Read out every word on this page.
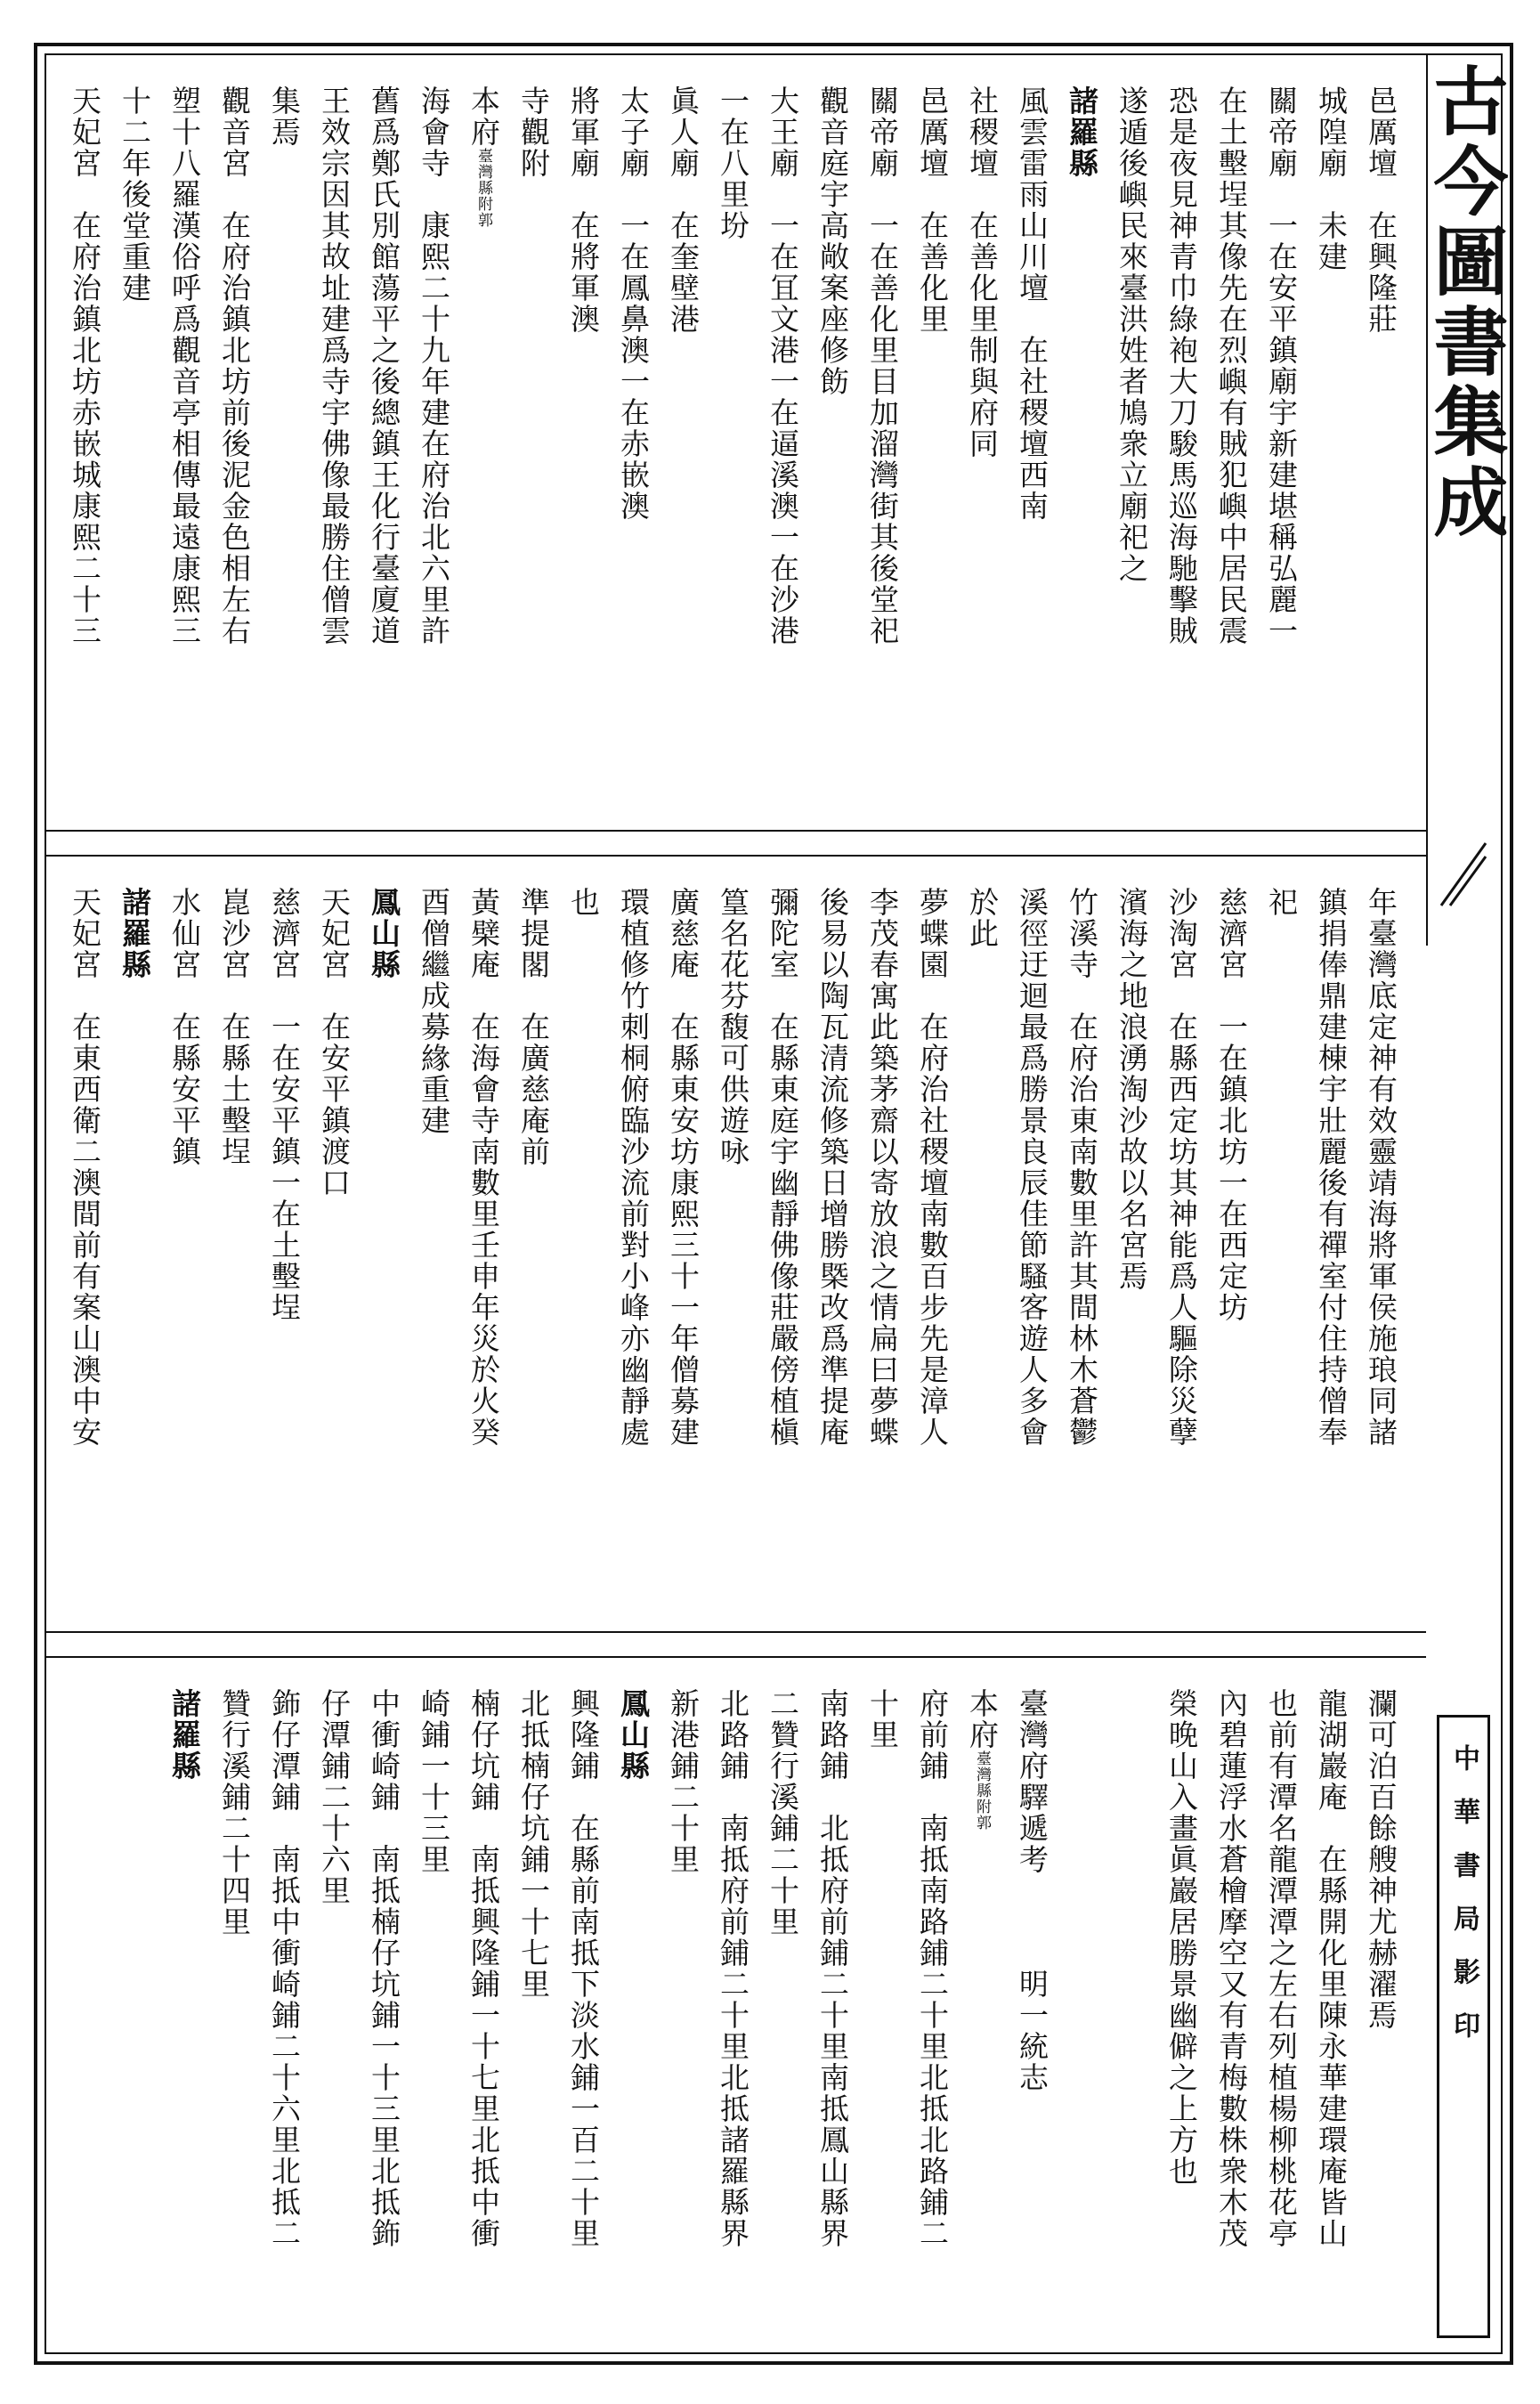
邑厲壇　在興隆莊
城隍廟　未建
關帝廟　一在安平鎮廟宇新建堪稱弘麗一
在土墼埕其像先在烈嶼有賊犯嶼中居民震
恐是夜見神青巾綠袍大刀駿馬巡海馳擊賊
遂遁後嶼民來臺洪姓者鳩衆立廟祀之
諸羅縣
風雲雷雨山川壇　在社稷壇西南
社稷壇　在善化里制與府同
邑厲壇　在善化里
關帝廟　一在善化里目加溜灣街其後堂祀
觀音庭宇高敞案座修飭
大王廟　一在冝文港一在逼溪澳一在沙港
一在八里坋
眞人廟　在奎壁港
太子廟　一在鳳鼻澳一在赤嵌澳
將軍廟　在將軍澳
寺觀附
本府臺灣縣附郭
海會寺　康熙二十九年建在府治北六里許
舊爲鄭氏別館蕩平之後總鎮王化行臺廈道
王效宗因其故址建爲寺宇佛像最勝住僧雲
集焉
觀音宮　在府治鎮北坊前後泥金色相左右
塑十八羅漢俗呼爲觀音亭相傳最遠康熙三
十二年後堂重建
天妃宮　在府治鎮北坊赤嵌城康熙二十三
年臺灣底定神有效靈靖海將軍侯施琅同諸
鎮捐俸鼎建棟宇壯麗後有禪室付住持僧奉
祀
慈濟宮　一在鎮北坊一在西定坊
沙淘宮　在縣西定坊其神能爲人驅除災孽
濱海之地浪湧淘沙故以名宮焉
竹溪寺　在府治東南數里許其間林木蒼鬱
溪徑迂迴最爲勝景良辰佳節騷客遊人多會
於此
夢蝶園　在府治社稷壇南數百步先是漳人
李茂春寓此築茅齋以寄放浪之情扁曰夢蝶
後易以陶瓦清流修築日增勝槩改爲準提庵
彌陀室　在縣東庭宇幽靜佛像莊嚴傍植槇
篁名花芬馥可供遊咏
廣慈庵　在縣東安坊康熙三十一年僧募建
環植修竹刺桐俯臨沙流前對小峰亦幽靜處
也
準提閣　在廣慈庵前
黃檗庵　在海會寺南數里壬申年災於火癸
酉僧繼成募緣重建
鳳山縣
天妃宮　在安平鎮渡口
慈濟宮　一在安平鎮一在土墼埕
崑沙宮　在縣土墼埕
水仙宮　在縣安平鎮
諸羅縣
天妃宮　在東西衛二澳間前有案山澳中安
瀾可泊百餘艘神尤赫濯焉
龍湖巖庵　在縣開化里陳永華建環庵皆山
也前有潭名龍潭潭之左右列植楊柳桃花亭
內碧蓮浮水蒼檜摩空又有青梅數株衆木茂
榮晚山入畫眞巖居勝景幽僻之上方也
臺灣府驛遞考　　　明一統志
本府臺灣縣附郭
府前鋪　南抵南路鋪二十里北抵北路鋪二
十里
南路鋪　北抵府前鋪二十里南抵鳳山縣界
二贊行溪鋪二十里
北路鋪　南抵府前鋪二十里北抵諸羅縣界
新港鋪二十里
鳳山縣
興隆鋪　在縣前南抵下淡水鋪一百二十里
北抵楠仔坑鋪一十七里
楠仔坑鋪　南抵興隆鋪一十七里北抵中衝
崎鋪一十三里
中衝崎鋪　南抵楠仔坑鋪一十三里北抵鉓
仔潭鋪二十六里
鉓仔潭鋪　南抵中衝崎鋪二十六里北抵二
贊行溪鋪二十四里
諸羅縣
古今圖書集成
中華書局影印
